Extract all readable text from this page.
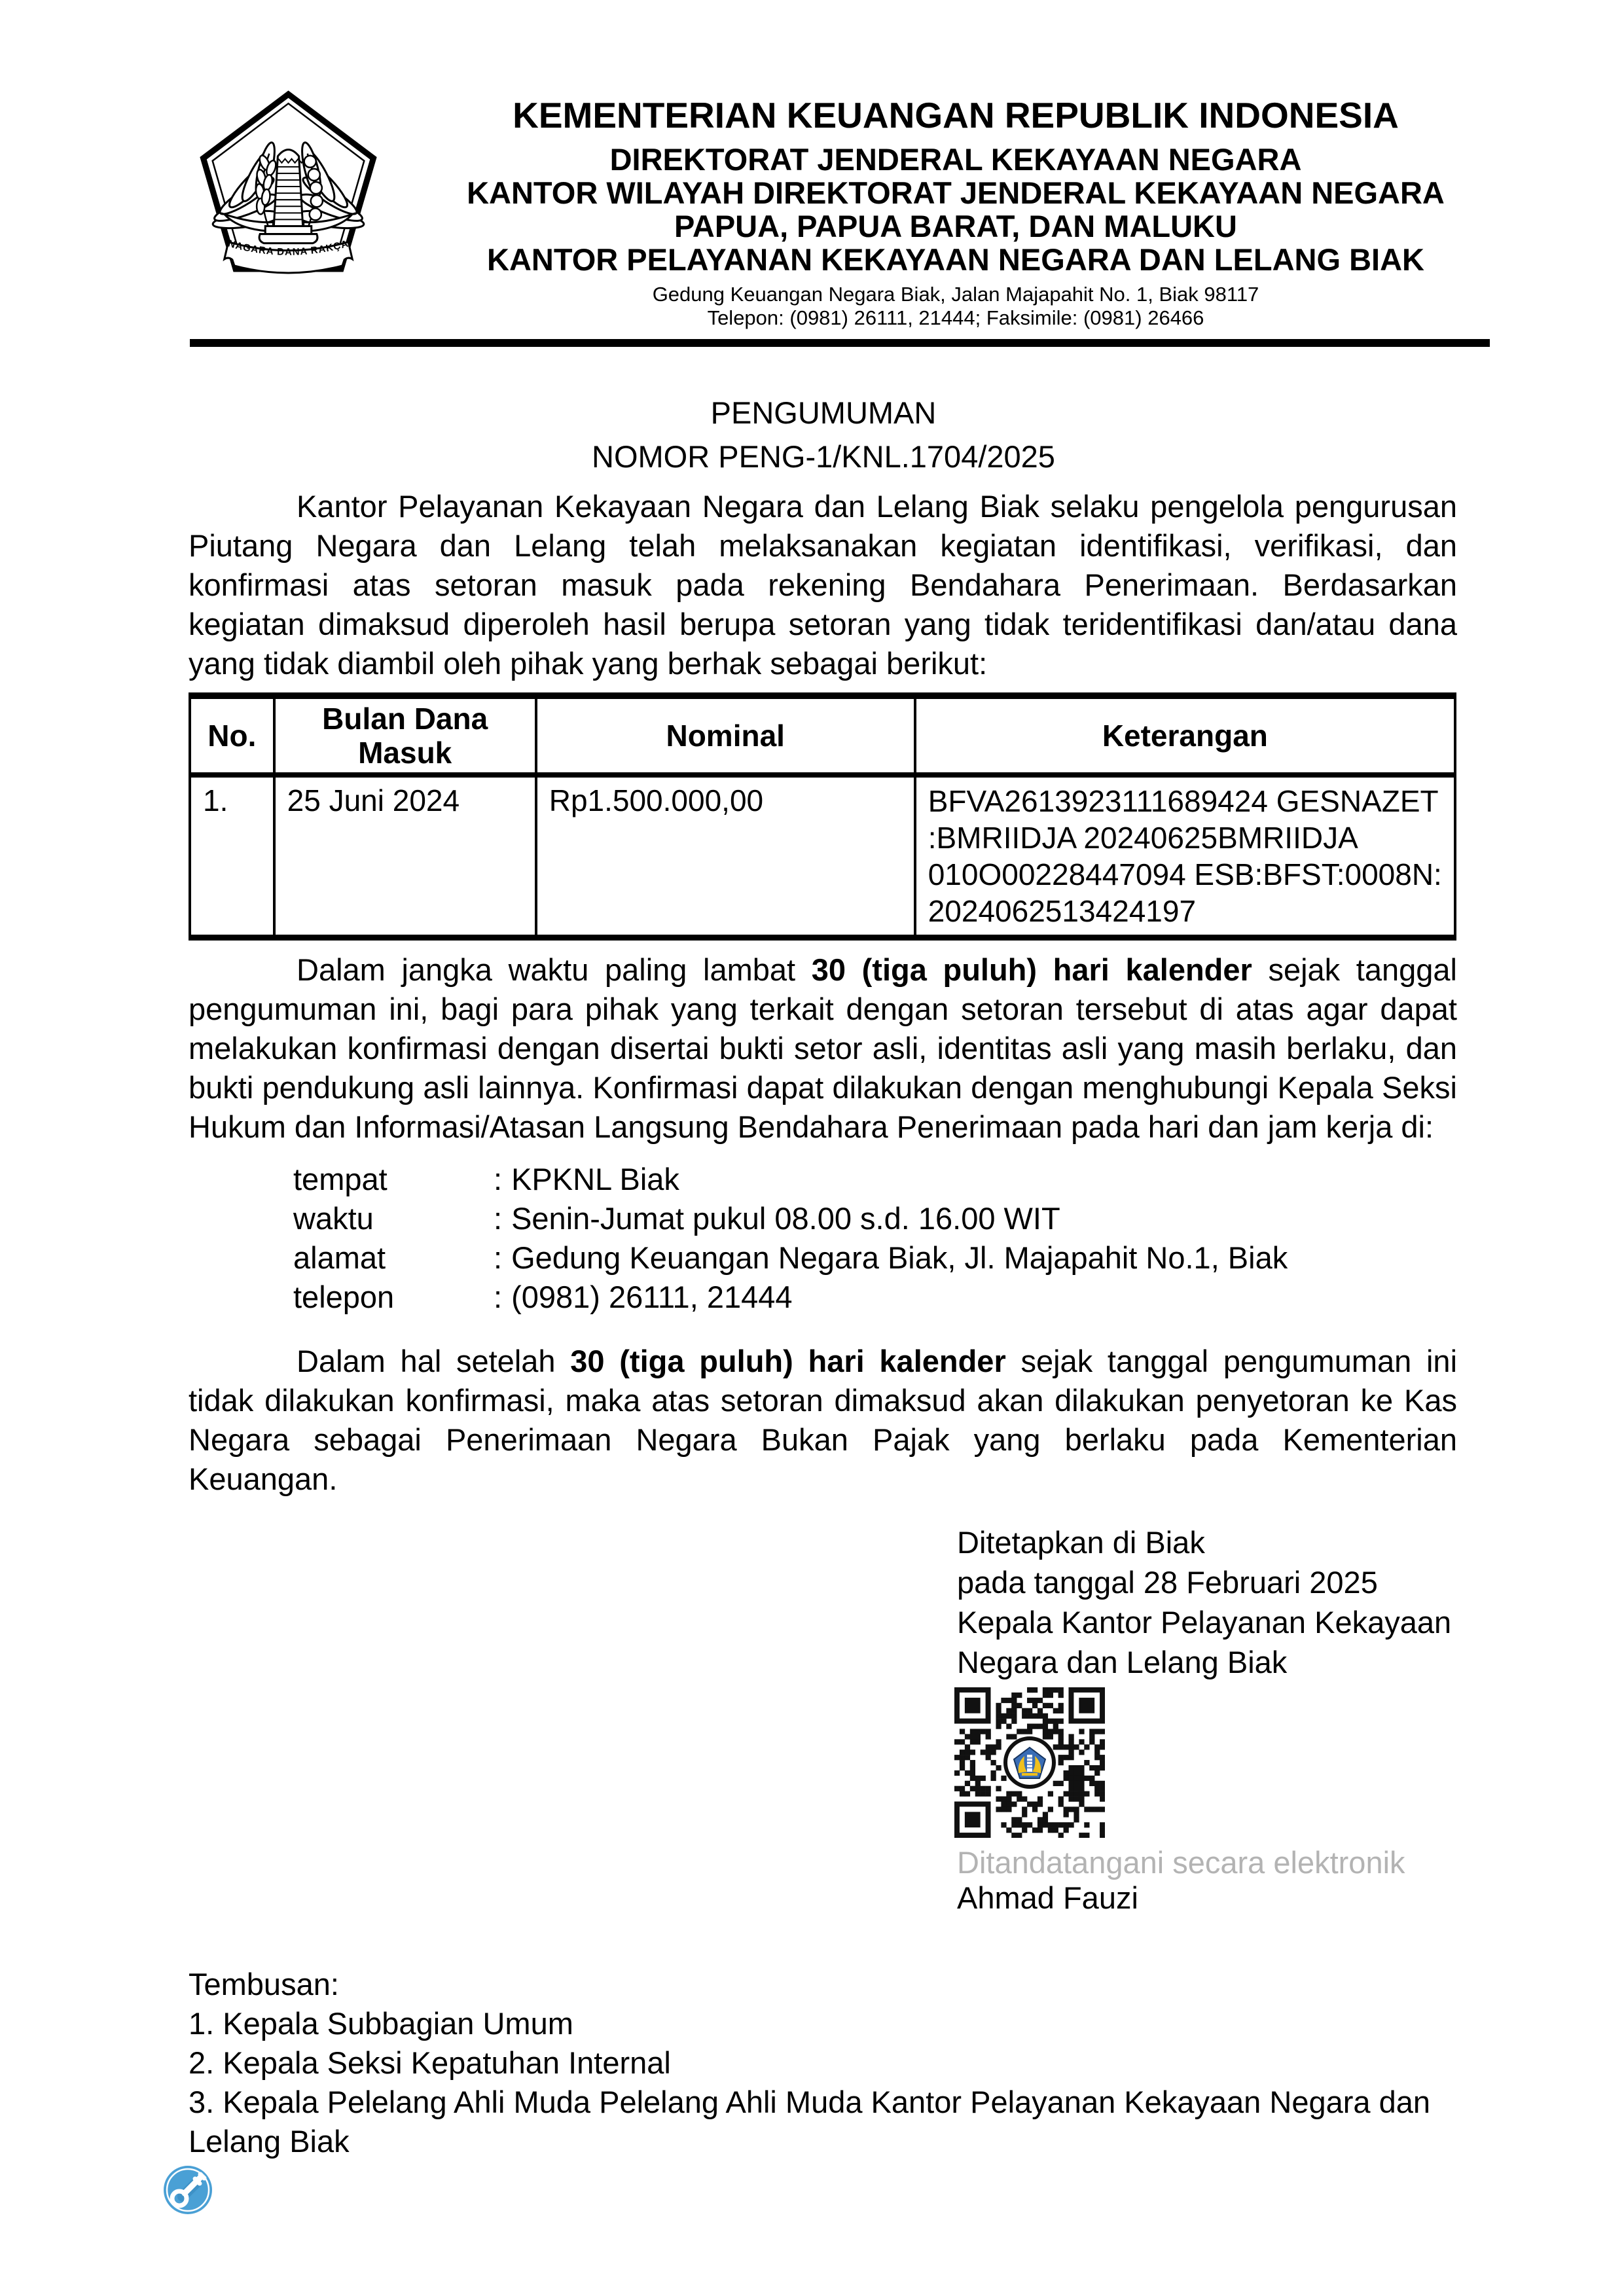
NAGARA DANA RAKÇA
KEMENTERIAN KEUANGAN REPUBLIK INDONESIA
DIREKTORAT JENDERAL KEKAYAAN NEGARA
KANTOR WILAYAH DIREKTORAT JENDERAL KEKAYAAN NEGARA
PAPUA, PAPUA BARAT, DAN MALUKU
KANTOR PELAYANAN KEKAYAAN NEGARA DAN LELANG BIAK
Gedung Keuangan Negara Biak, Jalan Majapahit No. 1, Biak 98117
Telepon: (0981) 26111, 21444; Faksimile: (0981) 26466
PENGUMUMAN
NOMOR PENG-1/KNL.1704/2025
Kantor Pelayanan Kekayaan Negara dan Lelang Biak selaku pengelola pengurusan Piutang Negara dan Lelang telah melaksanakan kegiatan identifikasi, verifikasi, dan konfirmasi atas setoran masuk pada rekening Bendahara Penerimaan. Berdasarkan kegiatan dimaksud diperoleh hasil berupa setoran yang tidak teridentifikasi dan/atau dana yang tidak diambil oleh pihak yang berhak sebagai berikut:
No.	Bulan Dana Masuk	Nominal	Keterangan
1.	25 Juni 2024	Rp1.500.000,00	BFVA2613923111689424 GESNAZET :BMRIIDJA 20240625BMRIIDJA 010O00228447094 ESB:BFST:0008N: 2024062513424197
Dalam jangka waktu paling lambat 30 (tiga puluh) hari kalender sejak tanggal pengumuman ini, bagi para pihak yang terkait dengan setoran tersebut di atas agar dapat melakukan konfirmasi dengan disertai bukti setor asli, identitas asli yang masih berlaku, dan bukti pendukung asli lainnya. Konfirmasi dapat dilakukan dengan menghubungi Kepala Seksi Hukum dan Informasi/Atasan Langsung Bendahara Penerimaan pada hari dan jam kerja di:
tempat	: KPKNL Biak
waktu	: Senin-Jumat pukul 08.00 s.d. 16.00 WIT
alamat	: Gedung Keuangan Negara Biak, Jl. Majapahit No.1, Biak
telepon	: (0981) 26111, 21444
Dalam hal setelah 30 (tiga puluh) hari kalender sejak tanggal pengumuman ini tidak dilakukan konfirmasi, maka atas setoran dimaksud akan dilakukan penyetoran ke Kas Negara sebagai Penerimaan Negara Bukan Pajak yang berlaku pada Kementerian Keuangan.
Ditetapkan di Biak
pada tanggal 28 Februari 2025
Kepala Kantor Pelayanan Kekayaan
Negara dan Lelang Biak
Ditandatangani secara elektronik
Ahmad Fauzi
Tembusan:
1. Kepala Subbagian Umum
2. Kepala Seksi Kepatuhan Internal
3. Kepala Pelelang Ahli Muda Pelelang Ahli Muda Kantor Pelayanan Kekayaan Negara dan Lelang Biak
